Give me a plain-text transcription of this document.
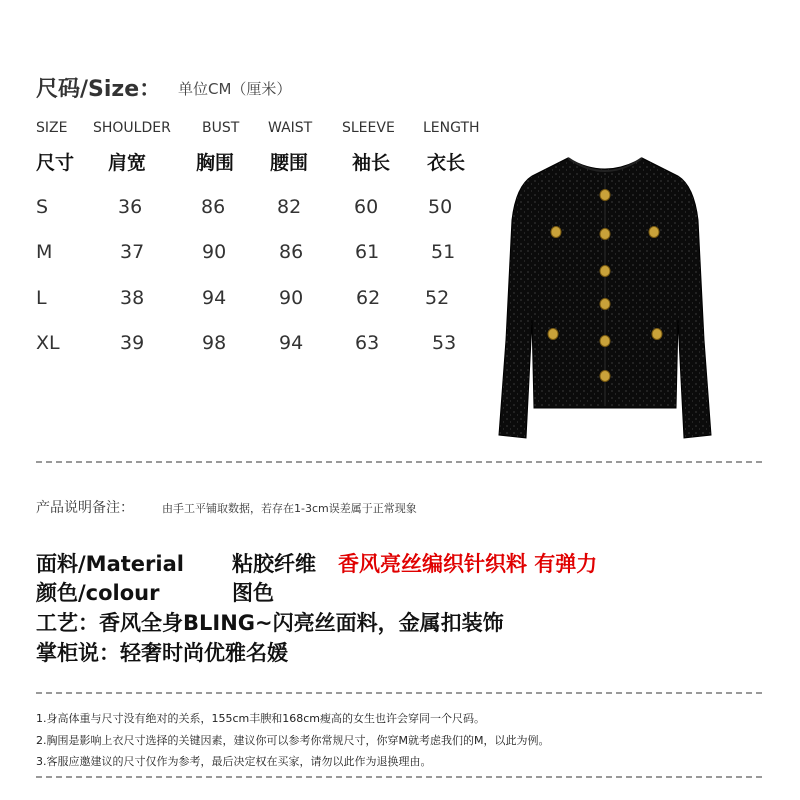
尺码/Size： 单位CM（厘米）
SIZE SHOULDER BUST WAIST SLEEVE LENGTH
尺寸 肩宽	胸围 腰围 袖长 衣长
S	36	86	82	60	50
M	37	90	86	61	51
L	38	94	90	62 52
XL	39	98	94	63	53
产品说明备注：	由手工平铺取数据，若存在1-3cm误差属于正常现象
面料/Material 粘胶纤维 香风亮丝编织针织料 有弹力
颜色/colour	图色
工艺：香风全身BLING~闪亮丝面料，金属扣装饰
掌柜说：轻奢时尚优雅名媛
1.身高体重与尺寸没有绝对的关系，155cm丰腴和168cm瘦高的女生也许会穿同一个尺码。
2.胸围是影响上衣尺寸选择的关键因素，建议你可以参考你常规尺寸，你穿M就考虑我们的M，以此为例。
3.客服应邀建议的尺寸仅作为参考，最后决定权在买家，请勿以此作为退换理由。
